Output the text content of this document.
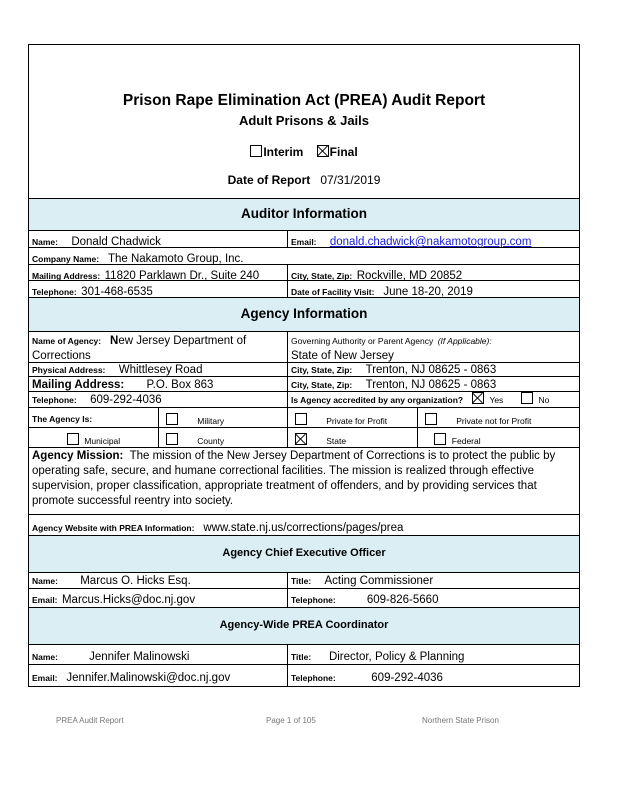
Prison Rape Elimination Act (PREA) Audit Report
Adult Prisons & Jails
Interim Final
Date of Report 07/31/2019
Auditor Information
Name: Donald Chadwick	Email: donald.chadwick@nakamotogroup.com
Company Name: The Nakamoto Group, Inc.
Mailing Address: 11820 Parklawn Dr., Suite 240	City, State, Zip: Rockville, MD 20852
Telephone: 301-468-6535	Date of Facility Visit: June 18-20, 2019
Agency Information
Name of Agency: New Jersey Department of
Corrections
Governing Authority or Parent Agency (If Applicable):
State of New Jersey
Physical Address: Whittlesey Road	City, State, Zip: Trenton, NJ 08625 - 0863
Mailing Address: P.O. Box 863	City, State, Zip: Trenton, NJ 08625 - 0863
Telephone: 609-292-4036	Is Agency accredited by any organization?	Yes	No
The Agency Is:	Military	Private for Profit	Private not for Profit
Municipal	County	State	Federal
Agency Mission: The mission of the New Jersey Department of Corrections is to protect the public by operating safe, secure, and humane correctional facilities. The mission is realized through effective supervision, proper classification, appropriate treatment of offenders, and by providing services that promote successful reentry into society.
Agency Website with PREA Information: www.state.nj.us/corrections/pages/prea
Agency Chief Executive Officer
Name: Marcus O. Hicks Esq.	Title: Acting Commissioner
Email: Marcus.Hicks@doc.nj.gov	Telephone:	609-826-5660
Agency-Wide PREA Coordinator
Name:	Jennifer Malinowski	Title: Director, Policy & Planning
Email: Jennifer.Malinowski@doc.nj.gov	Telephone:	609-292-4036
PREA Audit Report	Page 1 of 105	Northern State Prison
